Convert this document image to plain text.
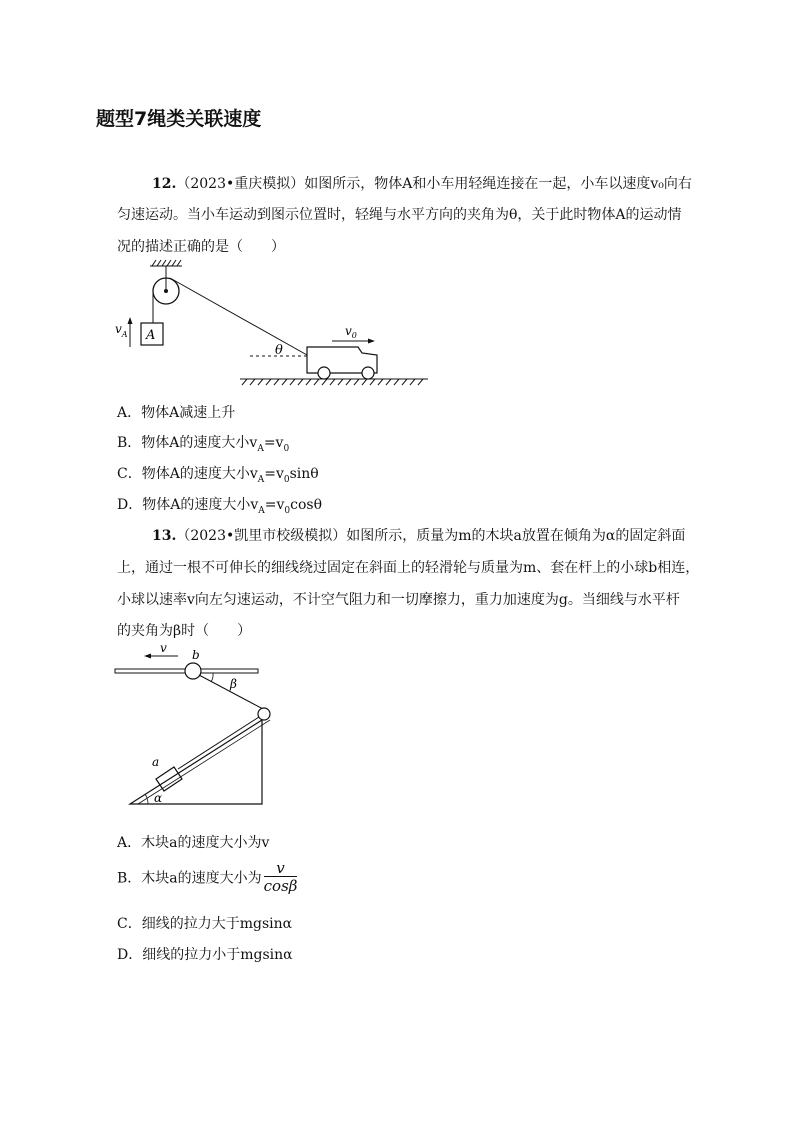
题型7绳类关联速度
12.（2023•重庆模拟）如图所示，物体A和小车用轻绳连接在一起，小车以速度v₀向右
匀速运动。当小车运动到图示位置时，轻绳与水平方向的夹角为θ，关于此时物体A的运动情
况的描述正确的是（　　）
A
$v_A$
θ
$v_0$
A．物体A减速上升
B．物体A的速度大小$v_A=v_0$
C．物体A的速度大小$v_A=v_0\sin\theta$
D．物体A的速度大小$v_A=v_0\cos\theta$
13.（2023•凯里市校级模拟）如图所示，质量为m的木块a放置在倾角为α的固定斜面
上，通过一根不可伸长的细线绕过固定在斜面上的轻滑轮与质量为m、套在杆上的小球b相连，
小球以速率v向左匀速运动，不计空气阻力和一切摩擦力，重力加速度为g。当细线与水平杆
的夹角为β时（　　）
v b
β
a
α
A．木块a的速度大小为v
B．木块a的速度大小为 $\frac{v}{\cos\beta}$
C．细线的拉力大于mgsinα
D．细线的拉力小于mgsinα
